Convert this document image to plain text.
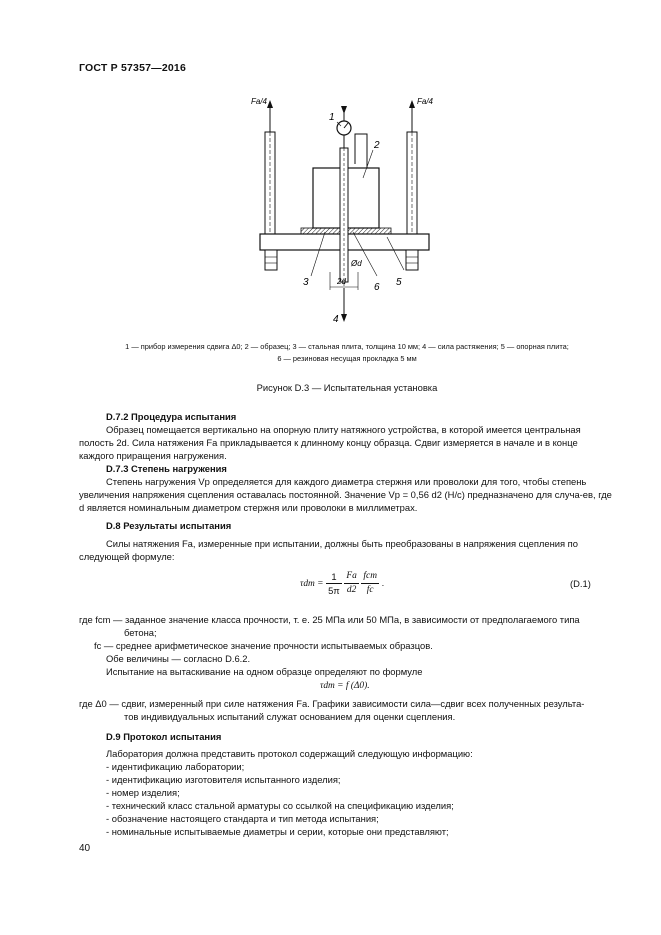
ГОСТ Р 57357—2016
Fa/4	Fa/4
1
2
3
4
5
6
Ød
2d
1 — прибор измерения сдвига Δ0; 2 — образец; 3 — стальная плита, толщина 10 мм; 4 — сила растяжения; 5 — опорная плита;
6 — резиновая несущая прокладка 5 мм
Рисунок D.3 — Испытательная установка
D.7.2 Процедура испытания
Образец помещается вертикально на опорную плиту натяжного устройства, в которой имеется центральная полость 2d. Сила натяжения Fa прикладывается к длинному концу образца. Сдвиг измеряется в начале и в конце каждого приращения нагружения.
D.7.3 Степень нагружения
Степень нагружения Vp определяется для каждого диаметра стержня или проволоки для того, чтобы степень увеличения напряжения сцепления оставалась постоянной. Значение Vp = 0,56 d2 (Н/с) предназначено для случа-ев, где d является номинальным диаметром стержня или проволоки в миллиметрах.
D.8 Результаты испытания
Силы натяжения Fa, измеренные при испытании, должны быть преобразованы в напряжения сцепления по следующей формуле:
$\tau dm = \frac{1}{5\pi}$
$\frac{Fa}{d2}$
$\frac{\text{fcm}}{fc}$ .	(D.1)
где fcm — заданное значение класса прочности, т. е. 25 МПа или 50 МПа, в зависимости от предполагаемого типа
бетона;
fc — среднее арифметическое значение прочности испытываемых образцов.
Обе величины — согласно D.6.2.
Испытание на вытаскивание на одном образце определяют по формуле
τdm = f (Δ0).
где Δ0 — сдвиг, измеренный при силе натяжения Fa. Графики зависимости сила—сдвиг всех полученных результа-
тов индивидуальных испытаний служат основанием для оценки сцепления.
D.9 Протокол испытания
Лаборатория должна представить протокол содержащий следующую информацию:
- идентификацию лаборатории;
- идентификацию изготовителя испытанного изделия;
- номер изделия;
- технический класс стальной арматуры со ссылкой на спецификацию изделия;
- обозначение настоящего стандарта и тип метода испытания;
- номинальные испытываемые диаметры и серии, которые они представляют;
40
